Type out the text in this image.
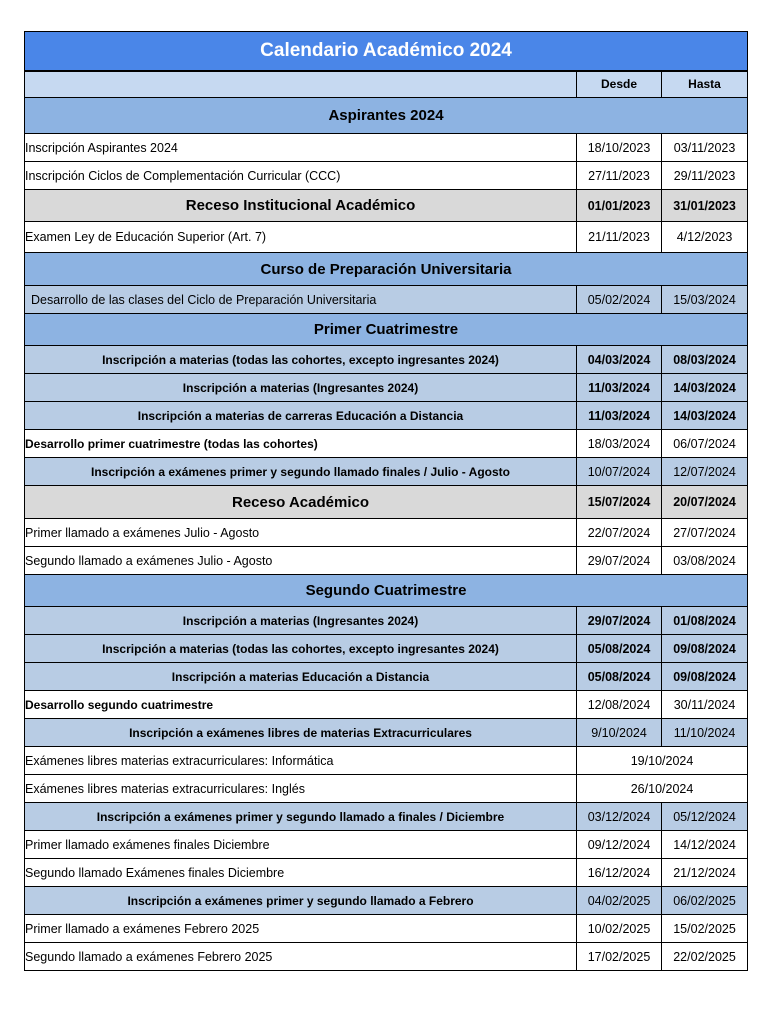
Calendario Académico 2024		
	Desde	Hasta
Aspirantes 2024		
Inscripción Aspirantes 2024	18/10/2023	03/11/2023
Inscripción Ciclos de Complementación Curricular (CCC)	27/11/2023	29/11/2023
Receso Institucional Académico	01/01/2023	31/01/2023
Examen Ley de Educación Superior (Art. 7)	21/11/2023	4/12/2023
Curso de Preparación Universitaria		
Desarrollo de las clases del Ciclo de Preparación Universitaria	05/02/2024	15/03/2024
Primer Cuatrimestre		
Inscripción a materias (todas las cohortes, excepto ingresantes 2024)	04/03/2024	08/03/2024
Inscripción a materias (Ingresantes 2024)	11/03/2024	14/03/2024
Inscripción a materias de carreras Educación a Distancia	11/03/2024	14/03/2024
Desarrollo primer cuatrimestre (todas las cohortes)	18/03/2024	06/07/2024
Inscripción a exámenes primer y segundo llamado finales / Julio - Agosto	10/07/2024	12/07/2024
Receso Académico	15/07/2024	20/07/2024
Primer llamado a exámenes Julio - Agosto	22/07/2024	27/07/2024
Segundo llamado a exámenes Julio - Agosto	29/07/2024	03/08/2024
Segundo Cuatrimestre		
Inscripción a materias (Ingresantes 2024)	29/07/2024	01/08/2024
Inscripción a materias (todas las cohortes, excepto ingresantes 2024)	05/08/2024	09/08/2024
Inscripción a materias Educación a Distancia	05/08/2024	09/08/2024
Desarrollo segundo cuatrimestre	12/08/2024	30/11/2024
Inscripción a exámenes libres de materias Extracurriculares	9/10/2024	11/10/2024
Exámenes libres materias extracurriculares: Informática	19/10/2024	
Exámenes libres materias extracurriculares: Inglés	26/10/2024	
Inscripción a exámenes primer y segundo llamado a finales / Diciembre	03/12/2024	05/12/2024
Primer llamado exámenes finales Diciembre	09/12/2024	14/12/2024
Segundo llamado Exámenes finales Diciembre	16/12/2024	21/12/2024
Inscripción a exámenes primer y segundo llamado a Febrero	04/02/2025	06/02/2025
Primer llamado a exámenes Febrero 2025	10/02/2025	15/02/2025
Segundo llamado a exámenes Febrero 2025	17/02/2025	22/02/2025
